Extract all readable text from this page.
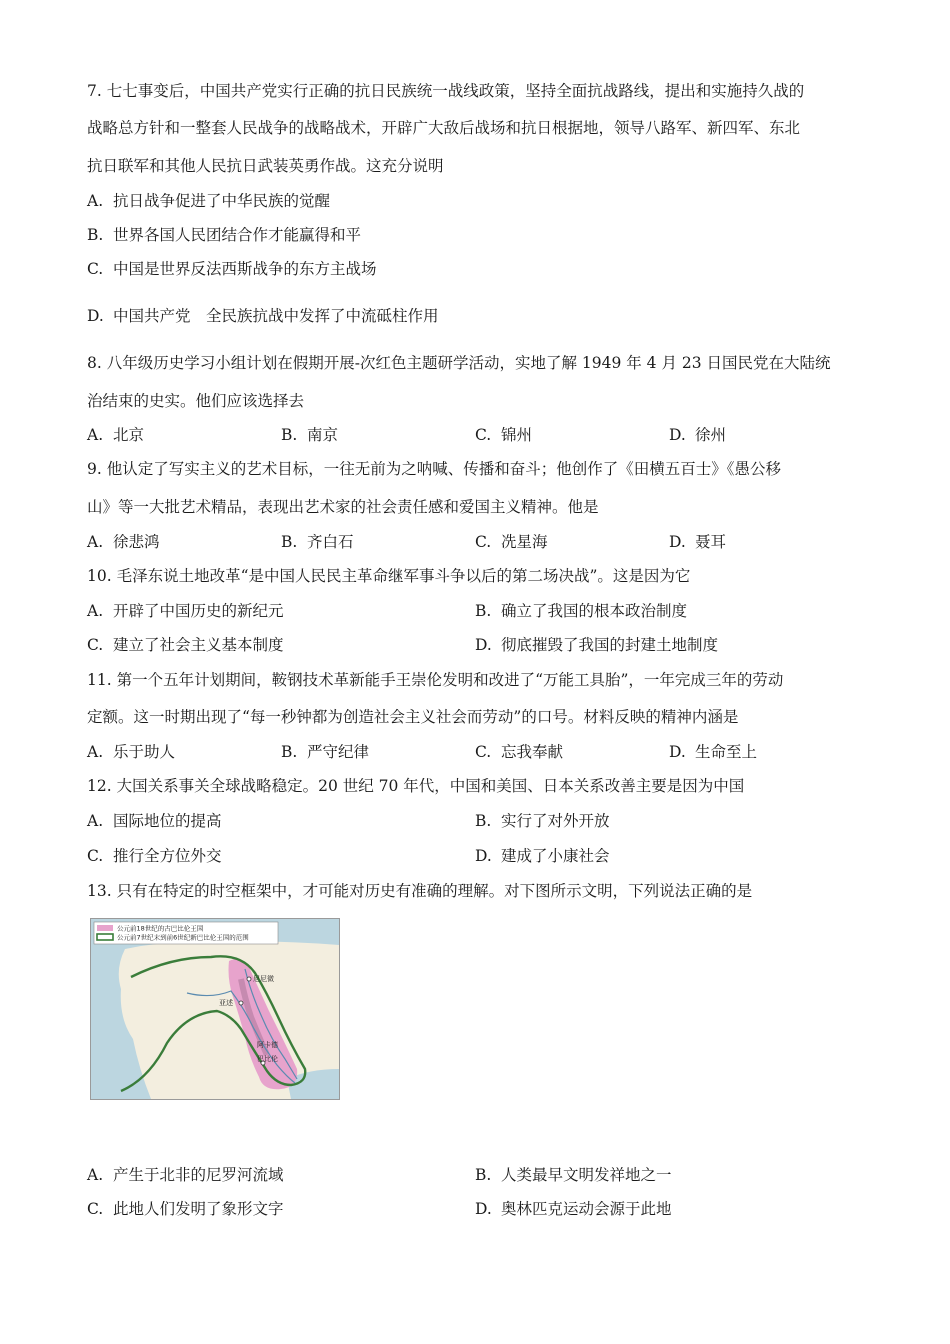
7. 七七事变后，中国共产党实行正确的抗日民族统一战线政策，坚持全面抗战路线，提出和实施持久战的
战略总方针和一整套人民战争的战略战术，开辟广大敌后战场和抗日根据地，领导八路军、新四军、东北
抗日联军和其他人民抗日武装英勇作战。这充分说明
A. 抗日战争促进了中华民族的觉醒
B. 世界各国人民团结合作才能赢得和平
C. 中国是世界反法西斯战争的东方主战场
D. 中国共产党　全民族抗战中发挥了中流砥柱作用
8. 八年级历史学习小组计划在假期开展-次红色主题研学活动，实地了解 1949 年 4 月 23 日国民党在大陆统
治结束的史实。他们应该选择去
A. 北京	B. 南京	C. 锦州	D. 徐州
9. 他认定了写实主义的艺术目标，一往无前为之呐喊、传播和奋斗；他创作了《田横五百士》《愚公移
山》等一大批艺术精品，表现出艺术家的社会责任感和爱国主义精神。他是
A. 徐悲鸿	B. 齐白石	C. 冼星海	D. 聂耳
10. 毛泽东说土地改革“是中国人民民主革命继军事斗争以后的第二场决战”。这是因为它
A. 开辟了中国历史的新纪元	B. 确立了我国的根本政治制度
C. 建立了社会主义基本制度	D. 彻底摧毁了我国的封建土地制度
11. 第一个五年计划期间，鞍钢技术革新能手王崇伦发明和改进了“万能工具胎”，一年完成三年的劳动
定额。这一时期出现了“每一秒钟都为创造社会主义社会而劳动”的口号。材料反映的精神内涵是
A. 乐于助人	B. 严守纪律	C. 忘我奉献	D. 生命至上
12. 大国关系事关全球战略稳定。20 世纪 70 年代，中国和美国、日本关系改善主要是因为中国
A. 国际地位的提高	B. 实行了对外开放
C. 推行全方位外交	D. 建成了小康社会
13. 只有在特定的时空框架中，才可能对历史有准确的理解。对下图所示文明，下列说法正确的是
公元前18世纪的古巴比伦王国
公元前7世纪末到前6世纪新巴比伦王国的范围
尼尼微
亚述
阿卡德
巴比伦
A. 产生于北非的尼罗河流域	B. 人类最早文明发祥地之一
C. 此地人们发明了象形文字	D. 奥林匹克运动会源于此地
